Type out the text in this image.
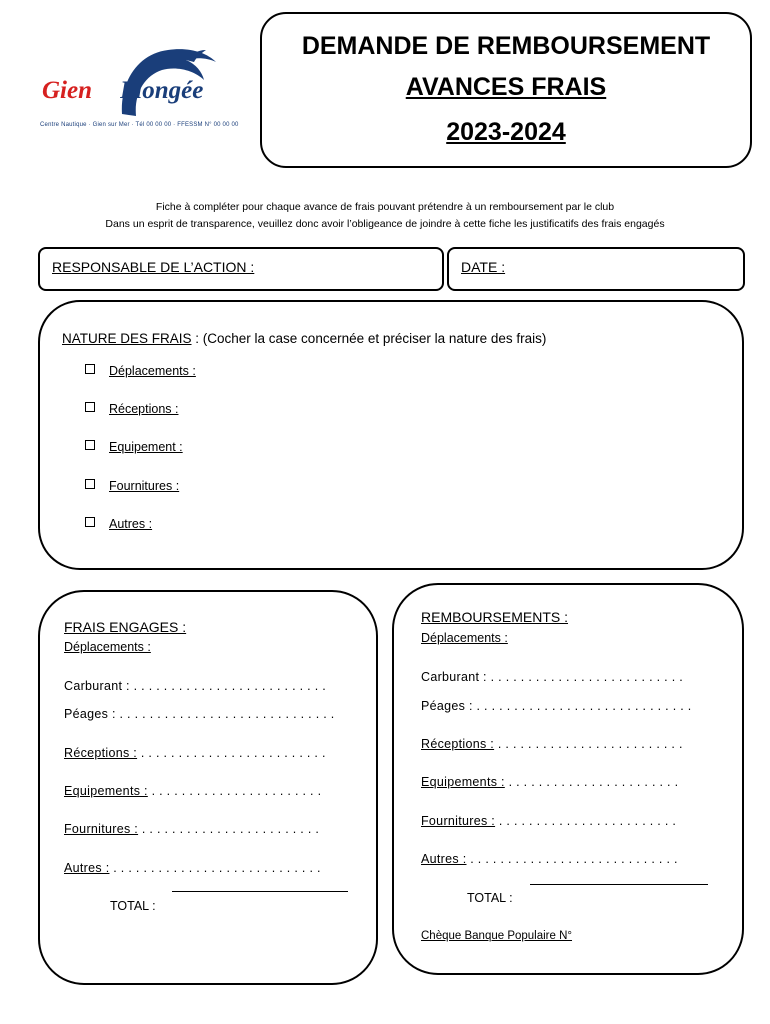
Gien Plongée
Centre Nautique · Gien sur Mer · Tél 00 00 00 · FFESSM N° 00 00 00
DEMANDE DE REMBOURSEMENT
AVANCES FRAIS
2023-2024
Fiche à compléter pour chaque avance de frais pouvant prétendre à un remboursement par le club
Dans un esprit de transparence, veuillez donc avoir l’obligeance de joindre à cette fiche les justificatifs des frais engagés
RESPONSABLE DE L’ACTION :	DATE :
NATURE DES FRAIS : (Cocher la case concernée et préciser la nature des frais)
Déplacements :
Réceptions :
Equipement :
Fournitures :
Autres :
FRAIS ENGAGES :
Déplacements :
Carburant : . . . . . . . . . . . . . . . . . . . . . . . . . .
Péages : . . . . . . . . . . . . . . . . . . . . . . . . . . . . .
Réceptions : . . . . . . . . . . . . . . . . . . . . . . . . .
Equipements : . . . . . . . . . . . . . . . . . . . . . . .
Fournitures : . . . . . . . . . . . . . . . . . . . . . . . .
Autres : . . . . . . . . . . . . . . . . . . . . . . . . . . . .
TOTAL :
REMBOURSEMENTS :
Déplacements :
Carburant : . . . . . . . . . . . . . . . . . . . . . . . . . .
Péages : . . . . . . . . . . . . . . . . . . . . . . . . . . . . .
Réceptions : . . . . . . . . . . . . . . . . . . . . . . . . .
Equipements : . . . . . . . . . . . . . . . . . . . . . . .
Fournitures : . . . . . . . . . . . . . . . . . . . . . . . .
Autres : . . . . . . . . . . . . . . . . . . . . . . . . . . . .
TOTAL :
Chèque Banque Populaire N°
